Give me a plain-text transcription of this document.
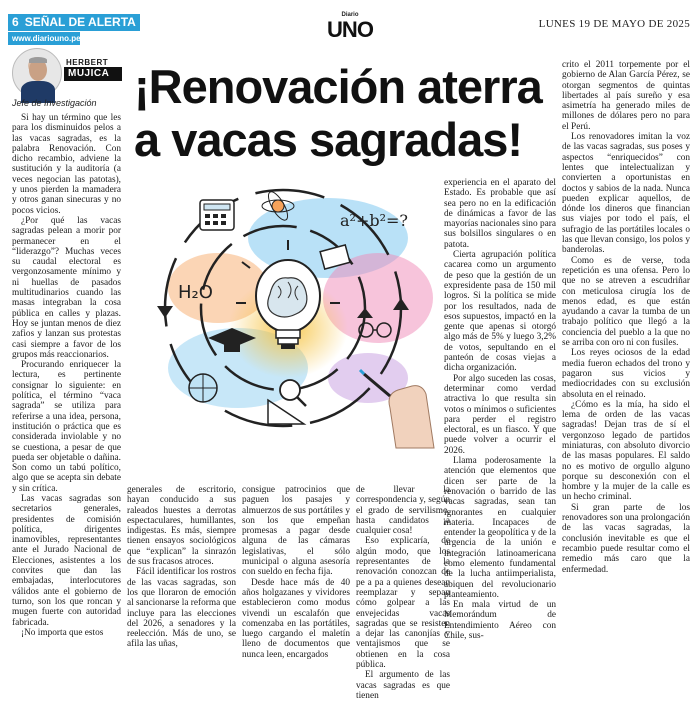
6 SEÑAL DE ALERTA
www.diariouno.pe
Diario
UNO	LUNES 19 DE MAYO DE 2025
HERBERT
MUJICA
Jefe de Investigación ¡Renovación aterra a vacas sagradas!
a²+b²=?
H₂O

Si hay un término que les para los disminuidos pelos a las vacas sagradas, es la palabra Renovación. Con dicho recambio, adviene la sustitución y la auditoría (a veces negocian las patotas), y unos pierden la mamadera y otros ganan sinecuras y no pocos vicios.

¿Por qué las vacas sagradas pelean a morir por permanecer en el “liderazgo”? Muchas veces su caudal electoral es vergonzosamente mínimo y ni huellas de pasados multitudinarios cuando las masas integraban la cosa pública en calles y plazas. Hoy se juntan menos de diez zafios y lanzan sus protestas casi siempre a favor de los grupos más reaccionarios.

Procurando enriquecer la lectura, es pertinente consignar lo siguiente: en política, el término “vaca sagrada” se utiliza para referirse a una idea, persona, institución o práctica que es considerada inviolable y no se cuestiona, a pesar de que pueda ser objetable o dañina. Son como un tabú político, algo que se acepta sin debate y sin crítica.

Las vacas sagradas son secretarios generales, presidentes de comisión política, dirigentes inamovibles, representantes ante el Jurado Nacional de Elecciones, asistentes a los convites que dan las embajadas, interlocutores válidos ante el gobierno de turno, son los que roncan y mugen fuerte con autoridad fabricada.

¡No importa que estos

generales de escritorio, hayan conducido a sus raleados huestes a derrotas espectaculares, humillantes, indigestas. Es más, siempre tienen ensayos sociológicos que “explican” la sinrazón de sus fracasos atroces.

Fácil identificar los rostros de las vacas sagradas, son los que lloraron de emoción al sancionarse la reforma que incluye para las elecciones del 2026, a senadores y la reelección. Más de uno, se afila las uñas,

consigue patrocinios que paguen los pasajes y almuerzos de sus portátiles y son los que empeñan promesas a pagar desde alguna de las cámaras legislativas, el sólo municipal o alguna asesoría con sueldo en fecha fija.

Desde hace más de 40 años holgazanes y vividores establecieron como modus vivendi un escalafón que comenzaba en las portátiles, luego cargando el maletín lleno de documentos que nunca leen, encargados

de llevar la correspondencia y, según el grado de servilismo, hasta candidatos ¡a cualquier cosa!

Eso explicaría, de algún modo, que los representantes de la renovación conozcan de pe a pa a quienes desean reemplazar y sepan cómo golpear a las envejecidas vacas sagradas que se resisten a dejar las canonjías y ventajismos que se obtienen en la cosa pública.

El argumento de las vacas sagradas es que tienen

experiencia en el aparato del Estado. Es probable que así sea pero no en la edificación de dinámicas a favor de las mayorías nacionales sino para sus bolsillos singulares o en patota.

Cierta agrupación política cacarea como un argumento de peso que la gestión de un expresidente pasa de 150 mil logros. Si la política se mide por los resultados, nada de esos supuestos, impactó en la gente que apenas si otorgó algo más de 5% y luego 3,2% de votos, sepultando en el panteón de cosas viejas a dicha organización.

Por algo suceden las cosas, determinar como verdad atractiva lo que resulta sin votos o mínimos o suficientes para perder el registro electoral, es un fiasco. Y que puede volver a ocurrir el 2026.

Llama poderosamente la atención que elementos que dicen ser parte de la renovación o barrido de las vacas sagradas, sean tan ignorantes en cualquier materia. Incapaces de entender la geopolítica y de la urgencia de la unión e integración latinoamericana como elemento fundamental de la lucha antiimperialista, abiquen del revolucionario planteamiento.

En mala virtud de un Memorándum de Entendimiento Aéreo con Chile, sus-

crito el 2011 torpemente por el gobierno de Alan García Pérez, se otorgan segmentos de quintas libertades al país sureño y esa asimetría ha generado miles de millones de dólares pero no para el Perú.

Los renovadores imitan la voz de las vacas sagradas, sus poses y aspectos “enriquecidos” con lentes que intelectualizan y convierten a oportunistas en doctos y sabios de la nada. Nunca pueden explicar aquellos, de dónde los dineros que financian sus viajes por todo el país, el sufragio de las portátiles locales o las que llevan consigo, los polos y banderolas.

Como es de verse, toda repetición es una ofensa. Pero lo que no se atreven a escudriñar con meticulosa cirugía los de menos edad, es que están ayudando a cavar la tumba de un trabajo político que llegó a la conciencia del pueblo a la que no se arriba con oro ni con fusiles.

Los reyes ociosos de la edad media fueron echados del trono y pagaron sus vicios y mediocridades con su exclusión absoluta en el reinado.

¿Cómo es la mía, ha sido el lema de orden de las vacas sagradas! Dejan tras de sí el vergonzoso legado de partidos miniaturas, con absoluto divorcio de las masas populares. El saldo no es motivo de orgullo alguno porque su desconexión con el hombre y la mujer de la calle es un hecho criminal.

Si gran parte de los renovadores son una prolongación de las vacas sagradas, la conclusión inevitable es que el recambio puede resultar como el remedio más caro que la enfermedad.
